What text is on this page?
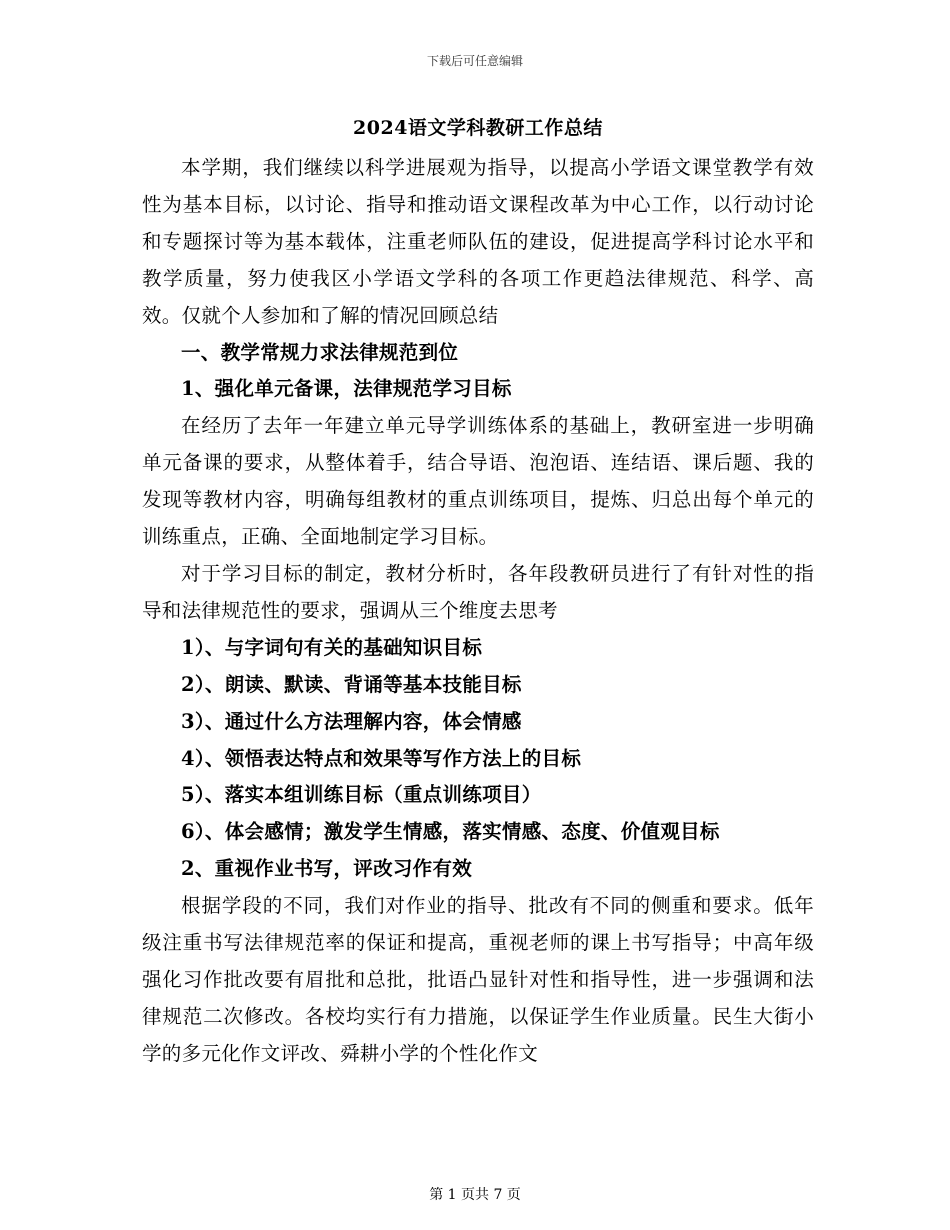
下载后可任意编辑
2024语文学科教研工作总结

本学期，我们继续以科学进展观为指导，以提高小学语文课堂教学有效性为基本目标，以讨论、指导和推动语文课程改革为中心工作，以行动讨论和专题探讨等为基本载体，注重老师队伍的建设，促进提高学科讨论水平和教学质量，努力使我区小学语文学科的各项工作更趋法律规范、科学、高效。仅就个人参加和了解的情况回顾总结

一、教学常规力求法律规范到位

1、强化单元备课，法律规范学习目标

在经历了去年一年建立单元导学训练体系的基础上，教研室进一步明确单元备课的要求，从整体着手，结合导语、泡泡语、连结语、课后题、我的发现等教材内容，明确每组教材的重点训练项目，提炼、归总出每个单元的训练重点，正确、全面地制定学习目标。

对于学习目标的制定，教材分析时，各年段教研员进行了有针对性的指导和法律规范性的要求，强调从三个维度去思考

1）、与字词句有关的基础知识目标

2）、朗读、默读、背诵等基本技能目标

3）、通过什么方法理解内容，体会情感

4）、领悟表达特点和效果等写作方法上的目标

5）、落实本组训练目标（重点训练项目）

6）、体会感情；激发学生情感，落实情感、态度、价值观目标

2、重视作业书写，评改习作有效

根据学段的不同，我们对作业的指导、批改有不同的侧重和要求。低年级注重书写法律规范率的保证和提高，重视老师的课上书写指导；中高年级强化习作批改要有眉批和总批，批语凸显针对性和指导性，进一步强调和法律规范二次修改。各校均实行有力措施，以保证学生作业质量。民生大街小学的多元化作文评改、舜耕小学的个性化作文

第 1 页共 7 页
